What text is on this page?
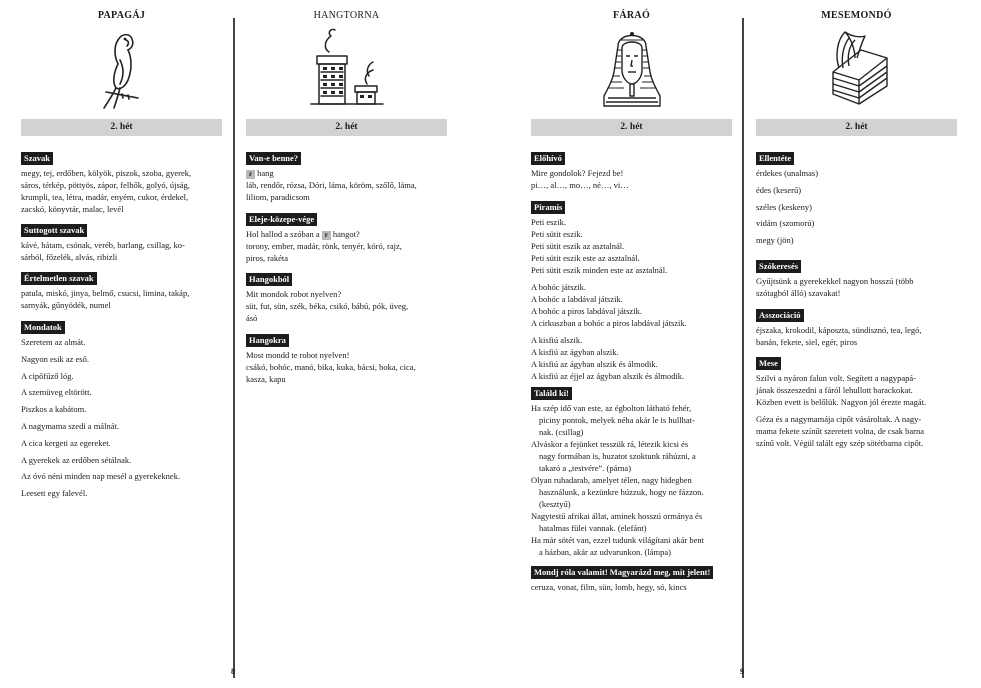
8	9
PAPAGÁJ
2. hét
Szavak
megy, tej, erdőben, kölyök, piszok, szoba, gyerek,
sáros, térkép, pöttyös, zápor, felhők, golyó, újság,
krumpli, tea, létra, madár, enyém, cukor, érdekel,
zacskó, könyvtár, malac, levél
Suttogott szavak
kávé, hátam, csónak, veréb, barlang, csillag, ko-
sárból, főzelék, alvás, ribizli
Értelmetlen szavak
patula, miskó, jinya, belmő, csucsi, limina, takáp,
sarnyák, gűnyödék, numel
Mondatok
Szeretem az almát.
Nagyon esik az eső.
A cipőfűző lóg.
A szemüveg eltörött.
Piszkos a kabátom.
A nagymama szedi a málnát.
A cica kergeti az egereket.
A gyerekek az erdőben sétálnak.
Az óvó néni minden nap mesél a gyerekeknek.
Leesett egy falevél.
HANGTORNA
2. hét
Van-e benne?
r hang
láb, rendőr, rózsa, Dóri, láma, köröm, szőlő, láma,
liliom, paradicsom
Eleje-közepe-vége
Hol hallod a szóban a r hangot?
torony, ember, madár, rönk, tenyér, kóró, rajz,
piros, rakéta
Hangokból
Mit mondok robot nyelven?
süt, fut, sün, szék, béka, csikó, bábú, pók, üveg,
ásó
Hangokra
Most mondd te robot nyelven!
csákó, bohóc, manó, bika, kuka, bácsi, boka, cica,
kasza, kapu
FÁRAÓ
2. hét
Előhívó
Mire gondolok? Fejezd be!
pi…, al…, mo…, né…, vi…
Piramis
Peti eszik.
Peti sütit eszik.
Peti sütit eszik az asztalnál.
Peti sütit eszik este az asztalnál.
Peti sütit eszik minden este az asztalnál.
A bohóc játszik.
A bohóc a labdával játszik.
A bohóc a piros labdával játszik.
A cirkuszban a bohóc a piros labdával játszik.
A kisfiú alszik.
A kisfiú az ágyban alszik.
A kisfiú az ágyban alszik és álmodik.
A kisfiú az éjjel az ágyban alszik és álmodik.
Találd ki!
Ha szép idő van este, az égbolton látható fehér,
piciny pontok, melyek néha akár le is hullhat-
nak. (csillag)
Alváskor a fejünket tesszük rá, létezik kicsi és
nagy formában is, huzatot szoktunk ráhúzni, a
takaró a „testvére”. (párna)
Olyan ruhadarab, amelyet télen, nagy hidegben
használunk, a kezünkre húzzuk, hogy ne fázzon.
(kesztyű)
Nagytestű afrikai állat, aminek hosszú ormánya és
hatalmas fülei vannak. (elefánt)
Ha már sötét van, ezzel tudunk világítani akár bent
a házban, akár az udvarunkon. (lámpa)
Mondj róla valamit! Magyarázd meg, mit jelent!
ceruza, vonat, film, sün, lomb, hegy, só, kincs
MESEMONDÓ
2. hét
Ellentéte
érdekes (unalmas)
édes (keserű)
széles (keskeny)
vidám (szomorú)
megy (jön)
Szókeresés
Gyűjtsünk a gyerekekkel nagyon hosszú (több
szótagból álló) szavakat!
Asszociáció
éjszaka, krokodil, káposzta, sündisznó, tea, legó,
banán, fekete, siel, egér, piros
Mese
Szilvi a nyáron falun volt. Segített a nagypapá-
jának összeszedni a fáról lehullott barackokat.
Közben evett is belőlük. Nagyon jól érezte magát.
Géza és a nagymamája cipőt vásároltak. A nagy-
mama fekete színűt szeretett volna, de csak barna
színű volt. Végül talált egy szép sötétbarna cipőt.
